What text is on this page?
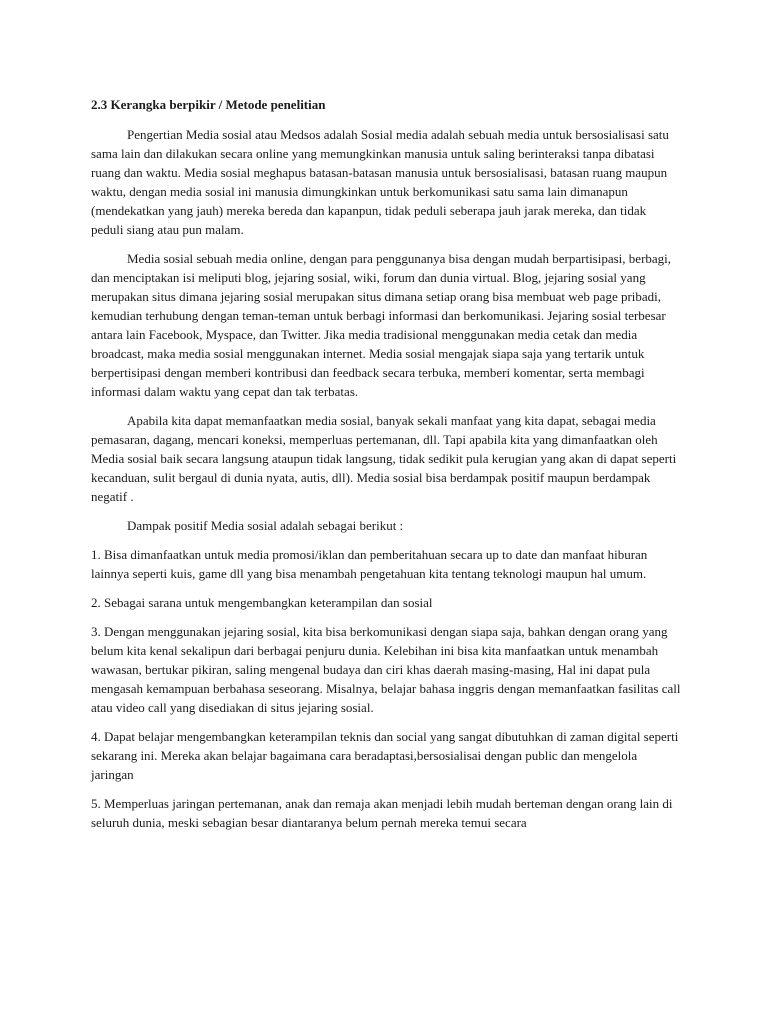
2.3 Kerangka berpikir / Metode penelitian

Pengertian Media sosial atau Medsos adalah Sosial media adalah sebuah media untuk bersosialisasi satu sama lain dan dilakukan secara online yang memungkinkan manusia untuk saling berinteraksi tanpa dibatasi ruang dan waktu. Media sosial meghapus batasan-batasan manusia untuk bersosialisasi, batasan ruang maupun waktu, dengan media sosial ini manusia dimungkinkan untuk berkomunikasi satu sama lain dimanapun (mendekatkan yang jauh) mereka bereda dan kapanpun, tidak peduli seberapa jauh jarak mereka, dan tidak peduli siang atau pun malam.

Media sosial sebuah media online, dengan para penggunanya bisa dengan mudah berpartisipasi, berbagi, dan menciptakan isi meliputi blog, jejaring sosial, wiki, forum dan dunia virtual. Blog, jejaring sosial yang merupakan situs dimana jejaring sosial merupakan situs dimana setiap orang bisa membuat web page pribadi, kemudian terhubung dengan teman-teman untuk berbagi informasi dan berkomunikasi. Jejaring sosial terbesar antara lain Facebook, Myspace, dan Twitter. Jika media tradisional menggunakan media cetak dan media broadcast, maka media sosial menggunakan internet. Media sosial mengajak siapa saja yang tertarik untuk berpertisipasi dengan memberi kontribusi dan feedback secara terbuka, memberi komentar, serta membagi informasi dalam waktu yang cepat dan tak terbatas.

Apabila kita dapat memanfaatkan media sosial, banyak sekali manfaat yang kita dapat, sebagai media pemasaran, dagang, mencari koneksi, memperluas pertemanan, dll. Tapi apabila kita yang dimanfaatkan oleh Media sosial baik secara langsung ataupun tidak langsung, tidak sedikit pula kerugian yang akan di dapat seperti kecanduan, sulit bergaul di dunia nyata, autis, dll). Media sosial bisa berdampak positif maupun berdampak negatif .

Dampak positif Media sosial adalah sebagai berikut :

1. Bisa dimanfaatkan untuk media promosi/iklan dan pemberitahuan secara up to date dan manfaat hiburan lainnya seperti kuis, game dll yang bisa menambah pengetahuan kita tentang teknologi maupun hal umum.

2. Sebagai sarana untuk mengembangkan keterampilan dan sosial

3. Dengan menggunakan jejaring sosial, kita bisa berkomunikasi dengan siapa saja, bahkan dengan orang yang belum kita kenal sekalipun dari berbagai penjuru dunia. Kelebihan ini bisa kita manfaatkan untuk menambah wawasan, bertukar pikiran, saling mengenal budaya dan ciri khas daerah masing-masing, Hal ini dapat pula mengasah kemampuan berbahasa seseorang. Misalnya, belajar bahasa inggris dengan memanfaatkan fasilitas call atau video call yang disediakan di situs jejaring sosial.

4. Dapat belajar mengembangkan keterampilan teknis dan social yang sangat dibutuhkan di zaman digital seperti sekarang ini. Mereka akan belajar bagaimana cara beradaptasi,bersosialisai dengan public dan mengelola jaringan

5. Memperluas jaringan pertemanan, anak dan remaja akan menjadi lebih mudah berteman dengan orang lain di seluruh dunia, meski sebagian besar diantaranya belum pernah mereka temui secara
